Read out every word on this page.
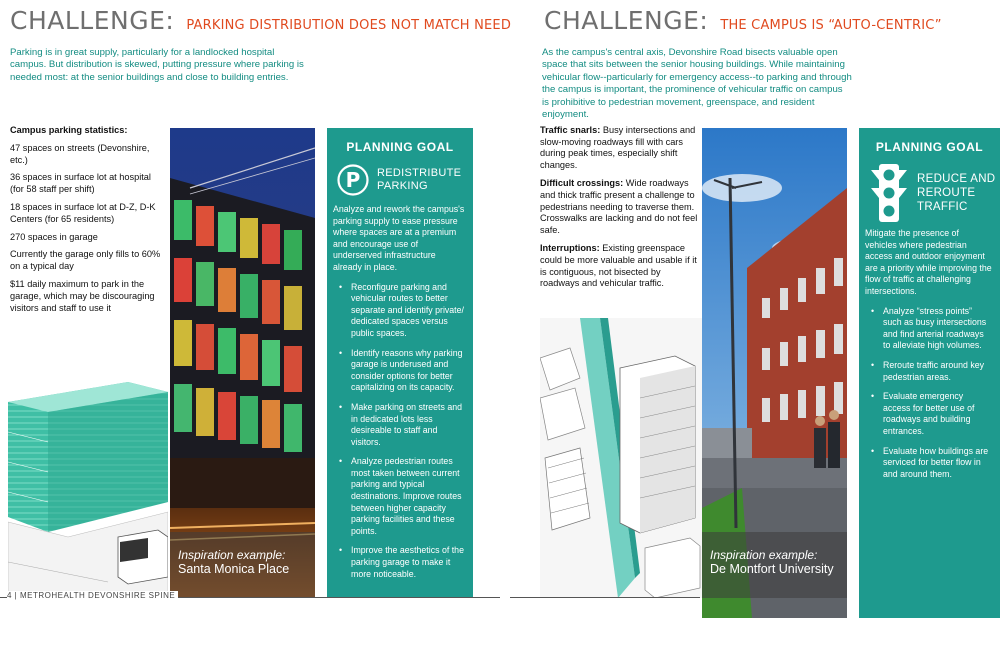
CHALLENGE: PARKING DISTRIBUTION DOES NOT MATCH NEED
Parking is in great supply, particularly for a landlocked hospital campus. But distribution is skewed, putting pressure where parking is needed most: at the senior buildings and close to building entries.
Campus parking statistics:

47 spaces on streets (Devonshire, etc.)

36 spaces in surface lot at hospital (for 58 staff per shift)

18 spaces in surface lot at D-Z, D-K Centers (for 65 residents)

270 spaces in garage

Currently the garage only fills to 60% on a typical day

$11 daily maximum to park in the garage, which may be discouraging visitors and staff to use it

Inspiration example:
Santa Monica Place
PLANNING GOAL
P REDISTRIBUTE
PARKING
Analyze and rework the campus's parking supply to ease pressure where spaces are at a premium and encourage use of underserved infrastructure already in place.
• Reconfigure parking and vehicular routes to better separate and identify private/ dedicated spaces versus public spaces.
• Identify reasons why parking garage is underused and consider options for better capitalizing on its capacity.
• Make parking on streets and in dedicated lots less desireable to staff and visitors.
• Analyze pedestrian routes most taken between current parking and typical destinations. Improve routes between higher capacity parking facilities and these points.
• Improve the aesthetics of the parking garage to make it more noticeable.
4 | METROHEALTH DEVONSHIRE SPINE
CHALLENGE: THE CAMPUS IS “AUTO-CENTRIC”
As the campus's central axis, Devonshire Road bisects valuable open space that sits between the senior housing buildings. While maintaining vehicular flow--particularly for emergency access--to parking and through the campus is important, the prominence of vehicular traffic on campus is prohibitive to pedestrian movement, greenspace, and resident enjoyment.

Traffic snarls: Busy intersections and slow-moving roadways fill with cars during peak times, especially shift changes.

Difficult crossings: Wide roadways and thick traffic present a challenge to pedestrians needing to traverse them. Crosswalks are lacking and do not feel safe.

Interruptions: Existing greenspace could be more valuable and usable if it is contiguous, not bisected by roadways and vehicular traffic.

Inspiration example:
De Montfort University
PLANNING GOAL
REDUCE AND
REROUTE
TRAFFIC
Mitigate the presence of vehicles where pedestrian access and outdoor enjoyment are a priority while improving the flow of traffic at challenging intersections.
• Analyze “stress points” such as busy intersections and find arterial roadways to alleviate high volumes.
• Reroute traffic around key pedestrian areas.
• Evaluate emergency access for better use of roadways and building entrances.
• Evaluate how buildings are serviced for better flow in and around them.
